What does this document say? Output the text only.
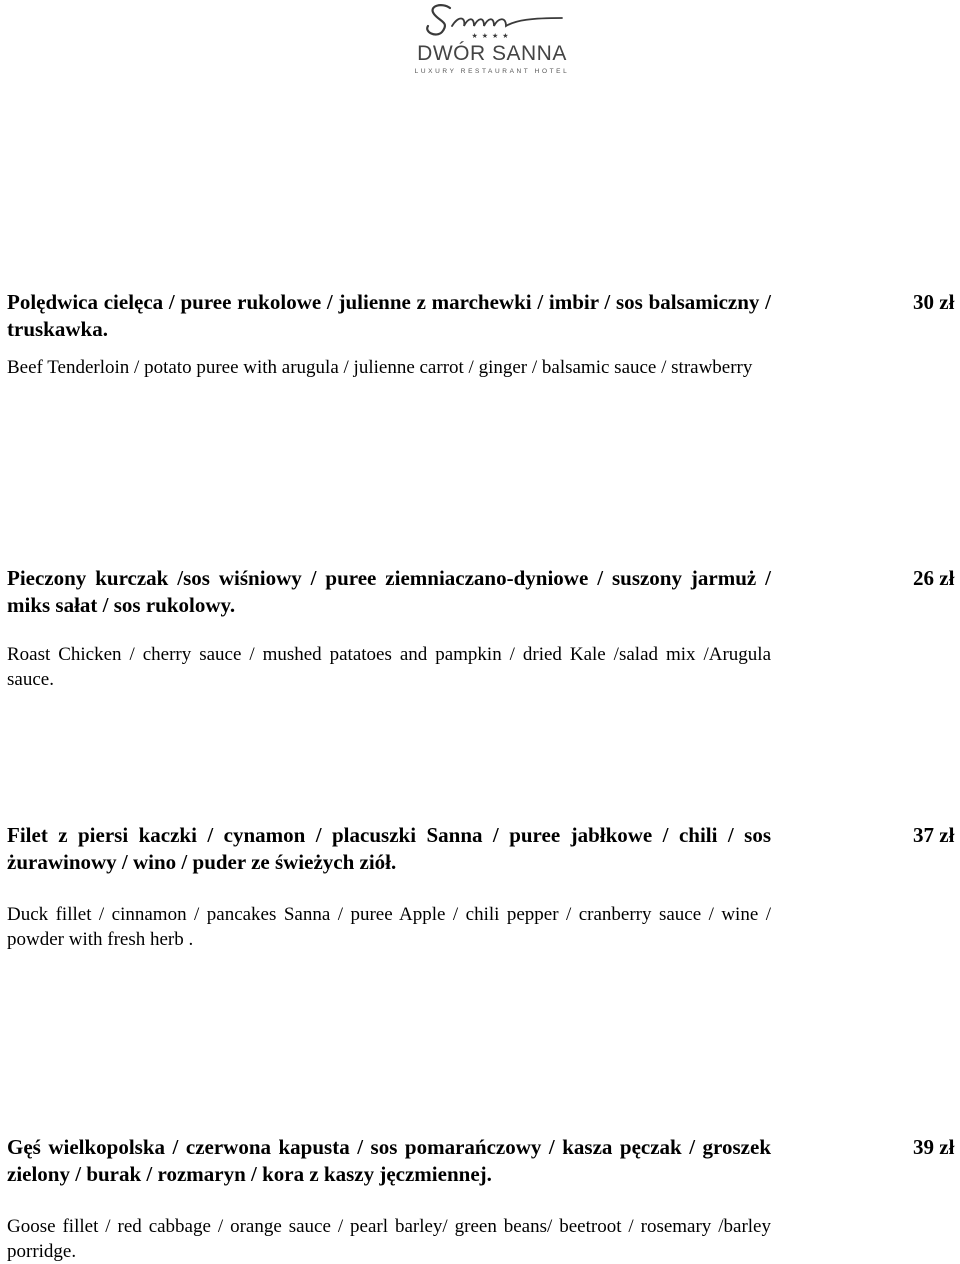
★★★★
DWÓR SANNA
LUXURY RESTAURANT HOTEL
Polędwica cielęca / puree rukolowe / julienne z marchewki / imbir / sos balsamiczny / truskawka.
Beef Tenderloin / potato puree with arugula / julienne carrot / ginger / balsamic sauce / strawberry
30 zł
Pieczony kurczak /sos wiśniowy / puree ziemniaczano-dyniowe / suszony jarmuż / miks sałat / sos rukolowy.
Roast Chicken / cherry sauce / mushed patatoes and pampkin / dried Kale /salad mix /Arugula sauce.
26 zł
Filet z piersi kaczki / cynamon / placuszki Sanna / puree jabłkowe / chili / sos żurawinowy / wino / puder ze świeżych ziół.
Duck fillet / cinnamon / pancakes Sanna / puree Apple / chili pepper / cranberry sauce / wine / powder with fresh herb .
37 zł
Gęś wielkopolska / czerwona kapusta / sos pomarańczowy / kasza pęczak / groszek zielony / burak / rozmaryn / kora z kaszy jęczmiennej.
Goose fillet / red cabbage / orange sauce / pearl barley/ green beans/ beetroot / rosemary /barley porridge.
39 zł
